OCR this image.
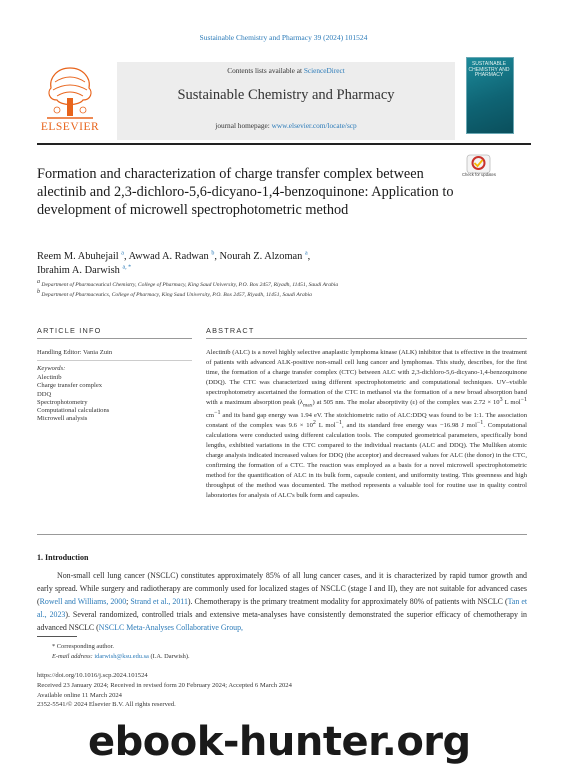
Sustainable Chemistry and Pharmacy 39 (2024) 101524
ELSEVIER
Contents lists available at ScienceDirect
Sustainable Chemistry and Pharmacy
journal homepage: www.elsevier.com/locate/scp
SUSTAINABLE CHEMISTRY AND PHARMACY
Formation and characterization of charge transfer complex between alectinib and 2,3-dichloro-5,6-dicyano-1,4-benzoquinone: Application to development of microwell spectrophotometric method
Check for updates
Reem M. Abuhejail $^a$, Awwad A. Radwan $^b$, Nourah Z. Alzoman $^a$,
Ibrahim A. Darwish $^{a, *}$
$^a$ Department of Pharmaceutical Chemistry, College of Pharmacy, King Saud University, P.O. Box 2457, Riyadh, 11451, Saudi Arabia
$^b$ Department of Pharmaceutics, College of Pharmacy, King Saud University, P.O. Box 2457, Riyadh, 11451, Saudi Arabia
ARTICLE INFO	ABSTRACT
Handling Editor: Vania Zuin
Keywords:
Alectinib
Charge transfer complex
DDQ
Spectrophotometry
Computational calculations
Microwell analysis
Alectinib (ALC) is a novel highly selective anaplastic lymphoma kinase (ALK) inhibitor that is effective in the treatment of patients with advanced ALK-positive non-small cell lung cancer and lymphomas. This study, describes, for the first time, the formation of a charge transfer complex (CTC) between ALC with 2,3-dichloro-5,6-dicyano-1,4-benzoquinone (DDQ). The CTC was characterized using different spectrophotometric and computational techniques. UV–visible spectrophotometry ascertained the formation of the CTC in methanol via the formation of a new broad absorption band with a maximum absorption peak $(\lambda_{max})$ at 505 nm. The molar absorptivity (ε) of the complex was $2.72 \times 10^3$ L mol$^{-1}$ $cm^{-1}$ and its band gap energy was 1.94 eV. The stoichiometric ratio of ALC:DDQ was found to be 1:1. The association constant of the complex was $9.6 \times 10^2$ L mol$^{-1}$, and its standard free energy was −16.98 J mol$^{-1}$. Computational calculations were conducted using different calculation tools. The computed geometrical parameters, specifically bond lengths, exhibited variations in the CTC compared to the individual reactants (ALC and DDQ). The Mulliken atomic charge analysis indicated increased values for DDQ (the acceptor) and decreased values for ALC (the donor) in the CTC, confirming the formation of a CTC. The reaction was employed as a basis for a novel microwell spectrophotometric method for the quantification of ALC in its bulk form, capsule content, and uniformity testing. This greenness and high throughput of the method was documented. The method represents a valuable tool for routine use in quality control laboratories for analysis of ALC's bulk form and capsules.
1. Introduction
Non-small cell lung cancer (NSCLC) constitutes approximately 85% of all lung cancer cases, and it is characterized by rapid tumor growth and early spread. While surgery and radiotherapy are commonly used for localized stages of NSCLC (stage I and II), they are not suitable for advanced cases (Rowell and Williams, 2000; Strand et al., 2011). Chemotherapy is the primary treatment modality for approximately 80% of patients with NSCLC (Tan et al., 2023). Several randomized, controlled trials and extensive meta-analyses have consistently demonstrated the superior efficacy of chemotherapy in advanced NSCLC (NSCLC Meta-Analyses Collaborative Group,
* Corresponding author.
E-mail address: idarwish@ksu.edu.sa (I.A. Darwish).
https://doi.org/10.1016/j.scp.2024.101524
Received 23 January 2024; Received in revised form 20 February 2024; Accepted 6 March 2024
Available online 11 March 2024
2352-5541/© 2024 Elsevier B.V. All rights reserved.
ebook-hunter.org
